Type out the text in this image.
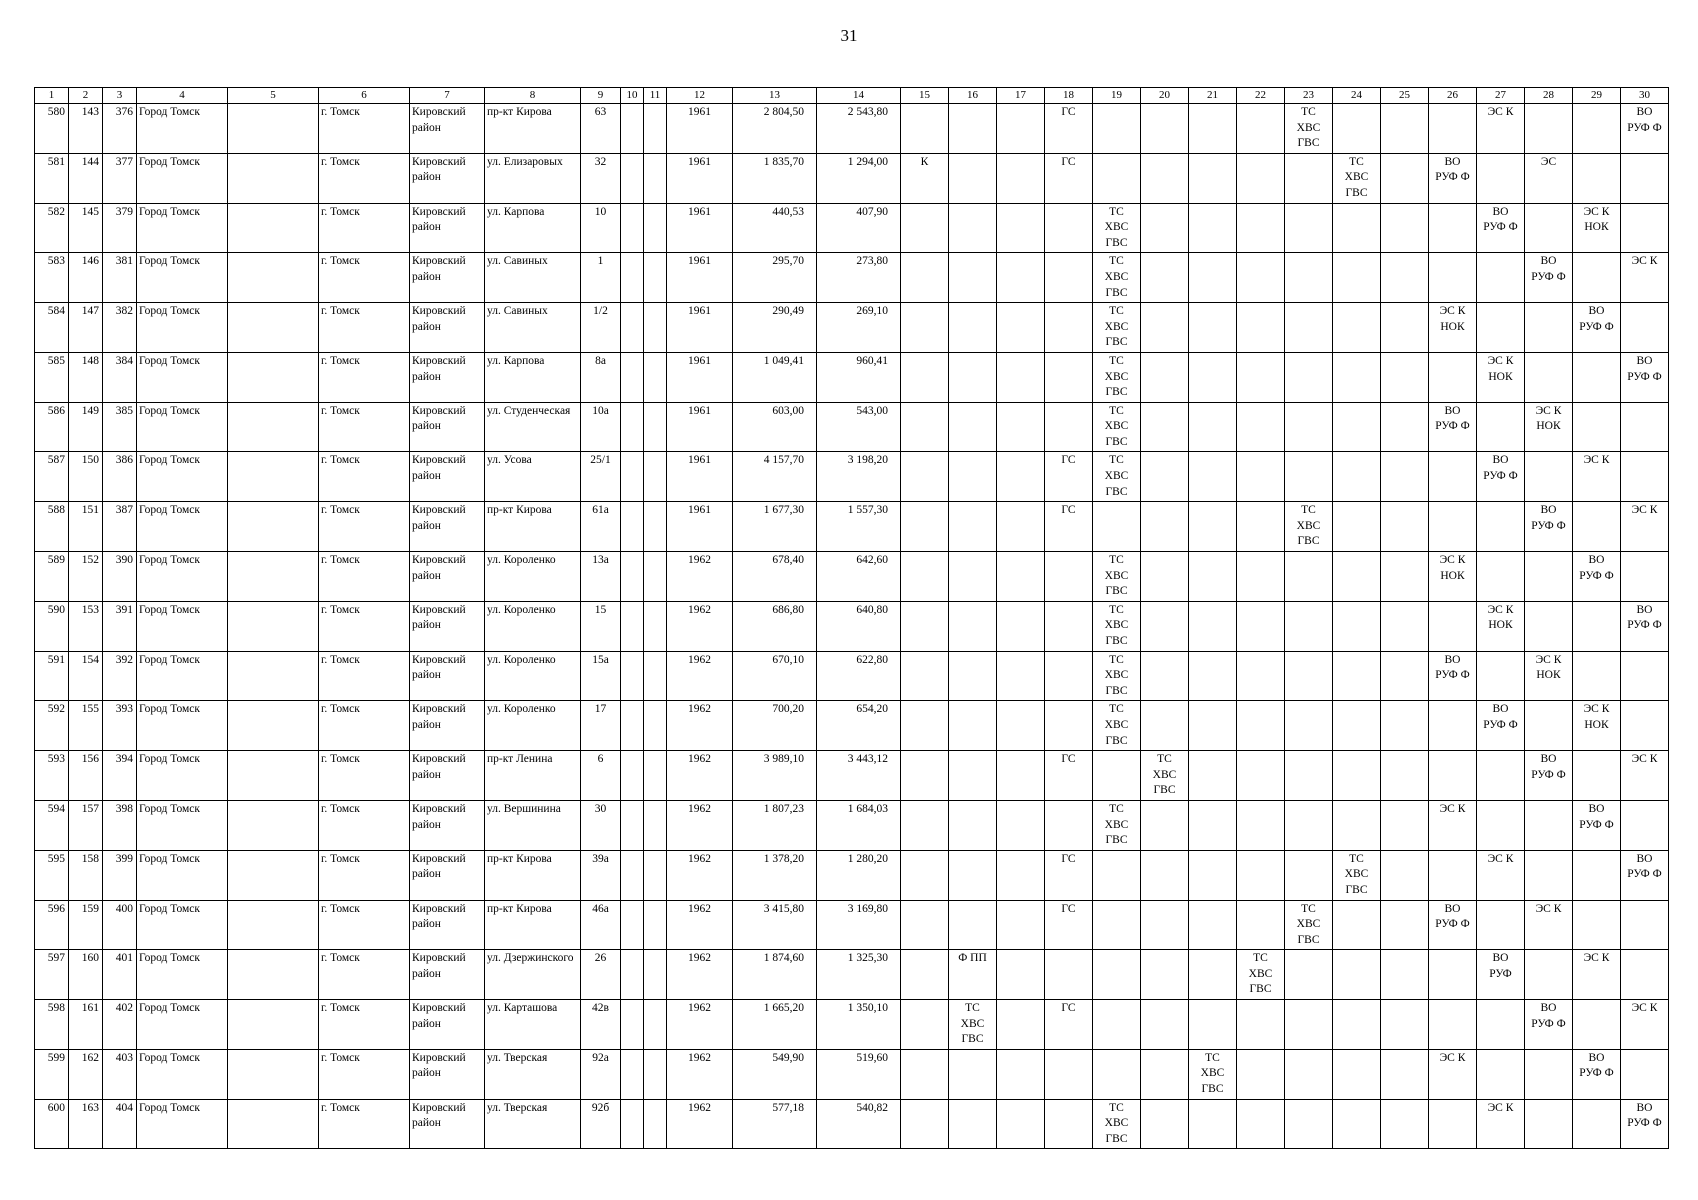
31
1	2	3	4	5	6	7	8	9	10	11	12	13	14	15	16	17	18	19	20	21	22	23	24	25	26	27	28	29	30
580	143	376	Город Томск		г. Томск	Кировский район	пр-кт Кирова	63			1961	2 804,50	2 543,80				ГС					ТС
ХВС
ГВС				ЭС К			ВО
РУФ Ф
581	144	377	Город Томск		г. Томск	Кировский район	ул. Елизаровых	32			1961	1 835,70	1 294,00	К			ГС						ТС
ХВС
ГВС		ВО
РУФ Ф		ЭС		
582	145	379	Город Томск		г. Томск	Кировский район	ул. Карпова	10			1961	440,53	407,90					ТС
ХВС
ГВС								ВО
РУФ Ф		ЭС К
НОК	
583	146	381	Город Томск		г. Томск	Кировский район	ул. Савиных	1			1961	295,70	273,80					ТС
ХВС
ГВС									ВО
РУФ Ф		ЭС К
584	147	382	Город Томск		г. Томск	Кировский район	ул. Савиных	1/2			1961	290,49	269,10					ТС
ХВС
ГВС							ЭС К
НОК			ВО
РУФ Ф	
585	148	384	Город Томск		г. Томск	Кировский район	ул. Карпова	8а			1961	1 049,41	960,41					ТС
ХВС
ГВС								ЭС К
НОК			ВО
РУФ Ф
586	149	385	Город Томск		г. Томск	Кировский район	ул. Студенческая	10а			1961	603,00	543,00					ТС
ХВС
ГВС							ВО
РУФ Ф		ЭС К
НОК		
587	150	386	Город Томск		г. Томск	Кировский район	ул. Усова	25/1			1961	4 157,70	3 198,20				ГС	ТС
ХВС
ГВС								ВО
РУФ Ф		ЭС К	
588	151	387	Город Томск		г. Томск	Кировский район	пр-кт Кирова	61а			1961	1 677,30	1 557,30				ГС					ТС
ХВС
ГВС					ВО
РУФ Ф		ЭС К
589	152	390	Город Томск		г. Томск	Кировский район	ул. Короленко	13а			1962	678,40	642,60					ТС
ХВС
ГВС							ЭС К
НОК			ВО
РУФ Ф	
590	153	391	Город Томск		г. Томск	Кировский район	ул. Короленко	15			1962	686,80	640,80					ТС
ХВС
ГВС								ЭС К
НОК			ВО
РУФ Ф
591	154	392	Город Томск		г. Томск	Кировский район	ул. Короленко	15а			1962	670,10	622,80					ТС
ХВС
ГВС							ВО
РУФ Ф		ЭС К
НОК		
592	155	393	Город Томск		г. Томск	Кировский район	ул. Короленко	17			1962	700,20	654,20					ТС
ХВС
ГВС								ВО
РУФ Ф		ЭС К
НОК	
593	156	394	Город Томск		г. Томск	Кировский район	пр-кт Ленина	6			1962	3 989,10	3 443,12				ГС		ТС
ХВС
ГВС								ВО
РУФ Ф		ЭС К
594	157	398	Город Томск		г. Томск	Кировский район	ул. Вершинина	30			1962	1 807,23	1 684,03					ТС
ХВС
ГВС							ЭС К			ВО
РУФ Ф	
595	158	399	Город Томск		г. Томск	Кировский район	пр-кт Кирова	39а			1962	1 378,20	1 280,20				ГС						ТС
ХВС
ГВС			ЭС К			ВО
РУФ Ф
596	159	400	Город Томск		г. Томск	Кировский район	пр-кт Кирова	46а			1962	3 415,80	3 169,80				ГС					ТС
ХВС
ГВС			ВО
РУФ Ф		ЭС К		
597	160	401	Город Томск		г. Томск	Кировский район	ул. Дзержинского	26			1962	1 874,60	1 325,30		Ф ПП						ТС
ХВС
ГВС					ВО
РУФ		ЭС К	
598	161	402	Город Томск		г. Томск	Кировский район	ул. Карташова	42в			1962	1 665,20	1 350,10		ТС
ХВС
ГВС		ГС										ВО
РУФ Ф		ЭС К
599	162	403	Город Томск		г. Томск	Кировский район	ул. Тверская	92а			1962	549,90	519,60							ТС
ХВС
ГВС					ЭС К			ВО
РУФ Ф	
600	163	404	Город Томск		г. Томск	Кировский район	ул. Тверская	92б			1962	577,18	540,82					ТС
ХВС
ГВС								ЭС К			ВО
РУФ Ф
